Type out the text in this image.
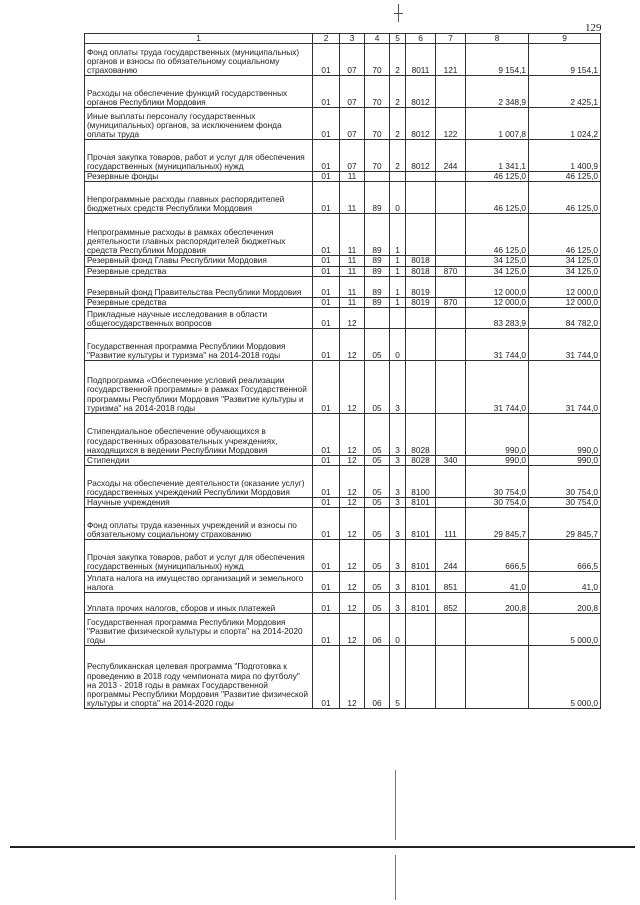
129
1	2	3	4	5	6	7	8	9
Фонд оплаты труда государственных (муниципальных) органов и взносы по обязательному социальному страхованию	01	07	70	2	8011	121	9 154,1	9 154,1
Расходы на обеспечение функций государственных органов Республики Мордовия	01	07	70	2	8012		2 348,9	2 425,1
Иные выплаты персоналу государственных (муниципальных) органов, за исключением фонда оплаты труда	01	07	70	2	8012	122	1 007,8	1 024,2
Прочая закупка товаров, работ и услуг для обеспечения государственных (муниципальных) нужд	01	07	70	2	8012	244	1 341,1	1 400,9
Резервные фонды	01	11					46 125,0	46 125,0
Непрограммные расходы главных распорядителей бюджетных средств Республики Мордовия	01	11	89	0			46 125,0	46 125,0
Непрограммные расходы в рамках обеспечения деятельности главных распорядителей бюджетных средств Республики Мордовия	01	11	89	1			46 125,0	46 125,0
Резервный фонд Главы Республики Мордовия	01	11	89	1	8018		34 125,0	34 125,0
Резервные средства	01	11	89	1	8018	870	34 125,0	34 125,0
Резервный фонд Правительства Республики Мордовия	01	11	89	1	8019		12 000,0	12 000,0
Резервные средства	01	11	89	1	8019	870	12 000,0	12 000,0
Прикладные научные исследования в области общегосударственных вопросов	01	12					83 283,9	84 782,0
Государственная программа Республики Мордовия "Развитие культуры и туризма" на 2014-2018 годы	01	12	05	0			31 744,0	31 744,0
Подпрограмма «Обеспечение условий реализации государственной программы» в рамках Государственной программы Республики Мордовия "Развитие культуры и туризма" на 2014-2018 годы	01	12	05	3			31 744,0	31 744,0
Стипендиальное обеспечение обучающихся в государственных образовательных учреждениях, находящихся в ведении Республики Мордовия	01	12	05	3	8028		990,0	990,0
Стипендии	01	12	05	3	8028	340	990,0	990,0
Расходы на обеспечение деятельности (оказание услуг) государственных учреждений Республики Мордовия	01	12	05	3	8100		30 754,0	30 754,0
Научные учреждения	01	12	05	3	8101		30 754,0	30 754,0
Фонд оплаты труда казенных учреждений и взносы по обязательному социальному страхованию	01	12	05	3	8101	111	29 845,7	29 845,7
Прочая закупка товаров, работ и услуг для обеспечения государственных (муниципальных) нужд	01	12	05	3	8101	244	666,5	666,5
Уплата налога на имущество организаций и земельного налога	01	12	05	3	8101	851	41,0	41,0
Уплата прочих налогов, сборов и иных платежей	01	12	05	3	8101	852	200,8	200,8
Государственная программа Республики Мордовия "Развитие физической культуры и спорта" на 2014-2020 годы	01	12	06	0				5 000,0
Республиканская целевая программа "Подготовка к проведению в 2018 году чемпионата мира по футболу" на 2013 - 2018 годы в рамках Государственной программы Республики Мордовия "Развитие физической культуры и спорта" на 2014-2020 годы	01	12	06	5				5 000,0
